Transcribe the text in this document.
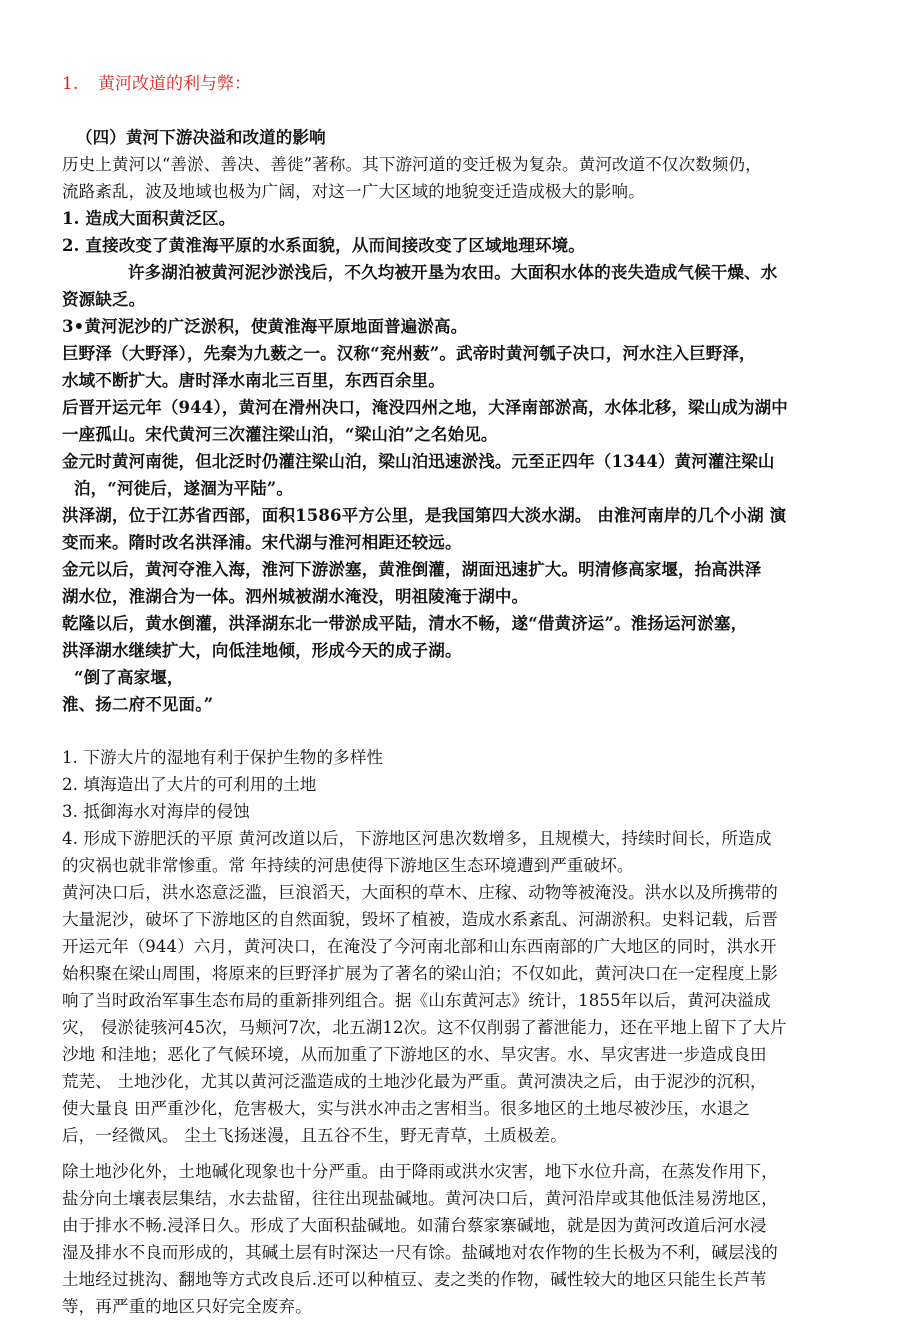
1. 黄河改道的利与弊：

（四）黄河下游决溢和改道的影响

历史上黄河以“善淤、善决、善徙”著称。其下游河道的变迁极为复杂。黄河改道不仅次数频仍，

流路紊乱，波及地域也极为广阔，对这一广大区域的地貌变迁造成极大的影响。

1. 造成大面积黄泛区。

2. 直接改变了黄淮海平原的水系面貌，从而间接改变了区域地理环境。

许多湖泊被黄河泥沙淤浅后，不久均被开垦为农田。大面积水体的丧失造成气候干燥、水

资源缺乏。

3•黄河泥沙的广泛淤积，使黄淮海平原地面普遍淤高。

巨野泽（大野泽），先秦为九薮之一。汉称“兖州薮”。武帝时黄河瓠子决口，河水注入巨野泽，

水域不断扩大。唐时泽水南北三百里，东西百余里。

后晋开运元年（944），黄河在滑州决口，淹没四州之地，大泽南部淤高，水体北移，梁山成为湖中

一座孤山。宋代黄河三次灌注梁山泊，“梁山泊”之名始见。

金元时黄河南徙，但北泛时仍灌注梁山泊，梁山泊迅速淤浅。元至正四年（1344）黄河灌注梁山

泊，“河徙后，遂涸为平陆”。

洪泽湖，位于江苏省西部，面积1586平方公里，是我国第四大淡水湖。 由淮河南岸的几个小湖 演

变而来。隋时改名洪泽浦。宋代湖与淮河相距还较远。

金元以后，黄河夺淮入海，淮河下游淤塞，黄淮倒灌，湖面迅速扩大。明清修高家堰，抬高洪泽

湖水位，淮湖合为一体。泗州城被湖水淹没，明祖陵淹于湖中。

乾隆以后，黄水倒灌，洪泽湖东北一带淤成平陆，清水不畅，遂“借黄济运”。淮扬运河淤塞，

洪泽湖水继续扩大，向低洼地倾，形成今天的成子湖。

“倒了高家堰，

淮、扬二府不见面。”

1. 下游大片的湿地有利于保护生物的多样性

2. 填海造出了大片的可利用的土地

3. 抵御海水对海岸的侵蚀

4. 形成下游肥沃的平原 黄河改道以后，下游地区河患次数增多，且规模大，持续时间长，所造成

的灾祸也就非常惨重。常 年持续的河患使得下游地区生态环境遭到严重破坏。

黄河决口后，洪水恣意泛滥，巨浪滔天，大面积的草木、庄稼、动物等被淹没。洪水以及所携带的

大量泥沙，破坏了下游地区的自然面貌，毁坏了植被，造成水系紊乱、河湖淤积。史料记载，后晋

开运元年（944）六月，黄河决口，在淹没了今河南北部和山东西南部的广大地区的同时，洪水开

始积聚在梁山周围，将原来的巨野泽扩展为了著名的梁山泊；不仅如此，黄河决口在一定程度上影

响了当时政治军事生态布局的重新排列组合。据《山东黄河志》统计，1855年以后，黄河决溢成

灾， 侵淤徒骇河45次，马颊河7次，北五湖12次。这不仅削弱了蓄泄能力，还在平地上留下了大片

沙地 和洼地；恶化了气候环境，从而加重了下游地区的水、旱灾害。水、旱灾害进一步造成良田

荒芜、 土地沙化，尤其以黄河泛滥造成的土地沙化最为严重。黄河溃决之后，由于泥沙的沉积，

使大量良 田严重沙化，危害极大，实与洪水冲击之害相当。很多地区的土地尽被沙压，水退之

后，一经微风。 尘土飞扬迷漫，且五谷不生，野无青草，土质极差。

除土地沙化外，土地碱化现象也十分严重。由于降雨或洪水灾害，地下水位升高，在蒸发作用下，

盐分向土壤表层集结，水去盐留，往往出现盐碱地。黄河决口后，黄河沿岸或其他低洼易涝地区，

由于排水不畅.浸泽日久。形成了大面积盐碱地。如蒲台蔡家寨碱地，就是因为黄河改道后河水浸

湿及排水不良而形成的，其碱土层有时深达一尺有馀。盐碱地对农作物的生长极为不利，碱层浅的

土地经过挑沟、翻地等方式改良后.还可以种植豆、麦之类的作物，碱性较大的地区只能生长芦苇

等，再严重的地区只好完全废弃。
